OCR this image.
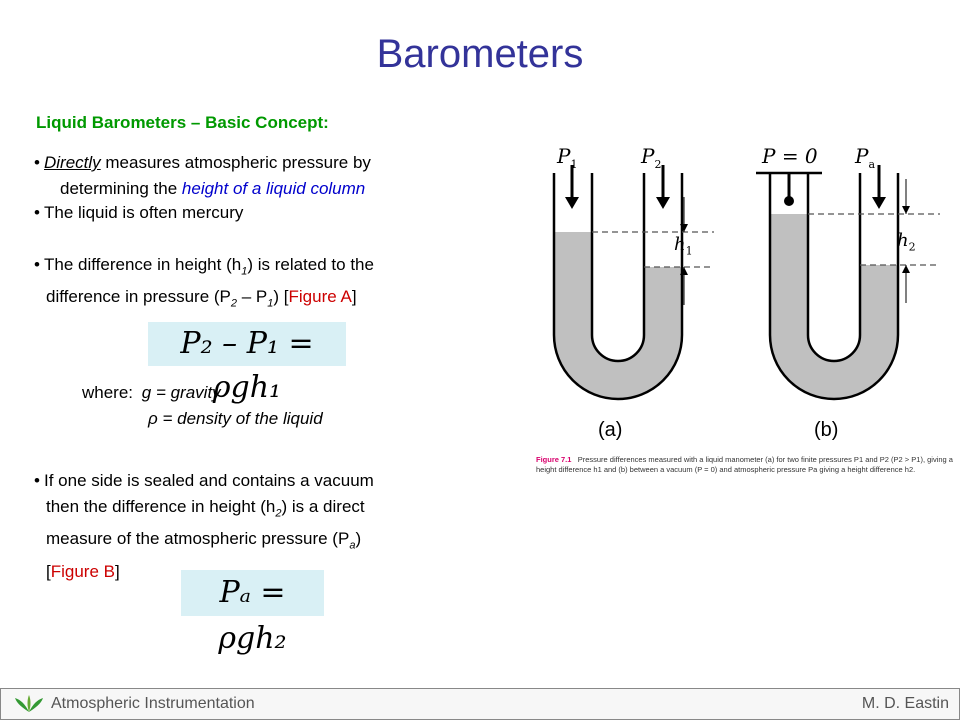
Barometers
Liquid Barometers – Basic Concept:
• Directly measures atmospheric pressure by
determining the height of a liquid column
• The liquid is often mercury
• The difference in height $(h_1)$ is related to the
difference in pressure $(P_2 - P_1)$ [Figure A]
P₂ – P₁ = ρgh₁
where: g = gravity
ρ = density of the liquid
• If one side is sealed and contains a vacuum
then the difference in height $(h_2)$ is a direct
measure of the atmospheric pressure $(P_a)$
[Figure B]
Pₐ = ρgh₂
$P_1$	$P_2$	P = 0 $P_a$
$h_1$
$h_2$
(a)	(b)
Figure 7.1 Pressure differences measured with a liquid manometer (a) for two finite pressures P1 and P2 (P2 > P1), giving a height difference h1 and (b) between a vacuum (P = 0) and atmospheric pressure Pa giving a height difference h2.
Atmospheric Instrumentation	M. D. Eastin
